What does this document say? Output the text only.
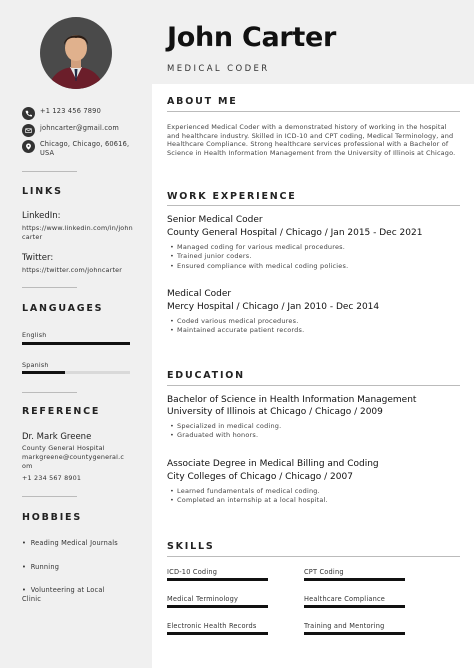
+1 123 456 7890
johncarter@gmail.com
Chicago, Chicago, 60616,
USA
LINKS
LinkedIn:
https://www.linkedin.com/in/john
carter
Twitter:
https://twitter.com/johncarter
LANGUAGES
English
Spanish
REFERENCE
Dr. Mark Greene
County General Hospital
markgreene@countygeneral.c
om
+1 234 567 8901
HOBBIES
•  Reading Medical Journals
•  Running
•  Volunteering at Local
Clinic
John Carter
MEDICAL CODER
ABOUT ME
Experienced Medical Coder with a demonstrated history of working in the hospital and healthcare industry. Skilled in ICD-10 and CPT coding, Medical Terminology, and Healthcare Compliance. Strong healthcare services professional with a Bachelor of Science in Health Information Management from the University of Illinois at Chicago.
WORK EXPERIENCE
Senior Medical Coder
County General Hospital / Chicago / Jan 2015 - Dec 2021
• Managed coding for various medical procedures.
• Trained junior coders.
• Ensured compliance with medical coding policies.
Medical Coder
Mercy Hospital / Chicago / Jan 2010 - Dec 2014
• Coded various medical procedures.
• Maintained accurate patient records.
EDUCATION
Bachelor of Science in Health Information Management
University of Illinois at Chicago / Chicago / 2009
• Specialized in medical coding.
• Graduated with honors.
Associate Degree in Medical Billing and Coding
City Colleges of Chicago / Chicago / 2007
• Learned fundamentals of medical coding.
• Completed an internship at a local hospital.
SKILLS
ICD-10 Coding	CPT Coding
Medical Terminology	Healthcare Compliance
Electronic Health Records	Training and Mentoring
